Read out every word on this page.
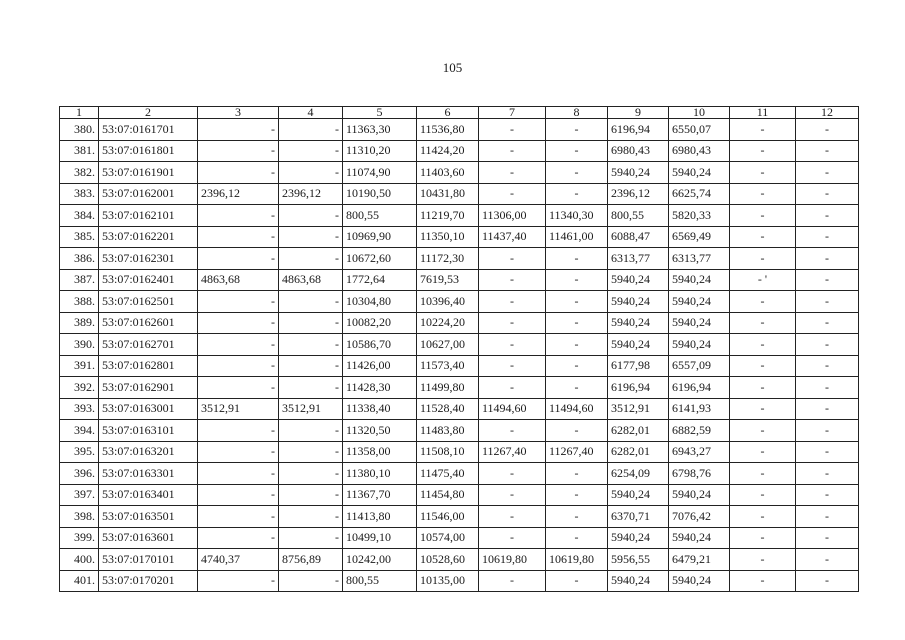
105
1	2	3	4	5	6	7	8	9	10	11	12
380.	53:07:0161701	-	-	11363,30	11536,80	-	-	6196,94	6550,07	-	-
381.	53:07:0161801	-	-	11310,20	11424,20	-	-	6980,43	6980,43	-	-
382.	53:07:0161901	-	-	11074,90	11403,60	-	-	5940,24	5940,24	-	-
383.	53:07:0162001	2396,12	2396,12	10190,50	10431,80	-	-	2396,12	6625,74	-	-
384.	53:07:0162101	-	-	800,55	11219,70	11306,00	11340,30	800,55	5820,33	-	-
385.	53:07:0162201	-	-	10969,90	11350,10	11437,40	11461,00	6088,47	6569,49	-	-
386.	53:07:0162301	-	-	10672,60	11172,30	-	-	6313,77	6313,77	-	-
387.	53:07:0162401	4863,68	4863,68	1772,64	7619,53	-	-	5940,24	5940,24	- '	-
388.	53:07:0162501	-	-	10304,80	10396,40	-	-	5940,24	5940,24	-	-
389.	53:07:0162601	-	-	10082,20	10224,20	-	-	5940,24	5940,24	-	-
390.	53:07:0162701	-	-	10586,70	10627,00	-	-	5940,24	5940,24	-	-
391.	53:07:0162801	-	-	11426,00	11573,40	-	-	6177,98	6557,09	-	-
392.	53:07:0162901	-	-	11428,30	11499,80	-	-	6196,94	6196,94	-	-
393.	53:07:0163001	3512,91	3512,91	11338,40	11528,40	11494,60	11494,60	3512,91	6141,93	-	-
394.	53:07:0163101	-	-	11320,50	11483,80	-	-	6282,01	6882,59	-	-
395.	53:07:0163201	-	-	11358,00	11508,10	11267,40	11267,40	6282,01	6943,27	-	-
396.	53:07:0163301	-	-	11380,10	11475,40	-	-	6254,09	6798,76	-	-
397.	53:07:0163401	-	-	11367,70	11454,80	-	-	5940,24	5940,24	-	-
398.	53:07:0163501	-	-	11413,80	11546,00	-	-	6370,71	7076,42	-	-
399.	53:07:0163601	-	-	10499,10	10574,00	-	-	5940,24	5940,24	-	-
400.	53:07:0170101	4740,37	8756,89	10242,00	10528,60	10619,80	10619,80	5956,55	6479,21	-	-
401.	53:07:0170201	-	-	800,55	10135,00	-	-	5940,24	5940,24	-	-
